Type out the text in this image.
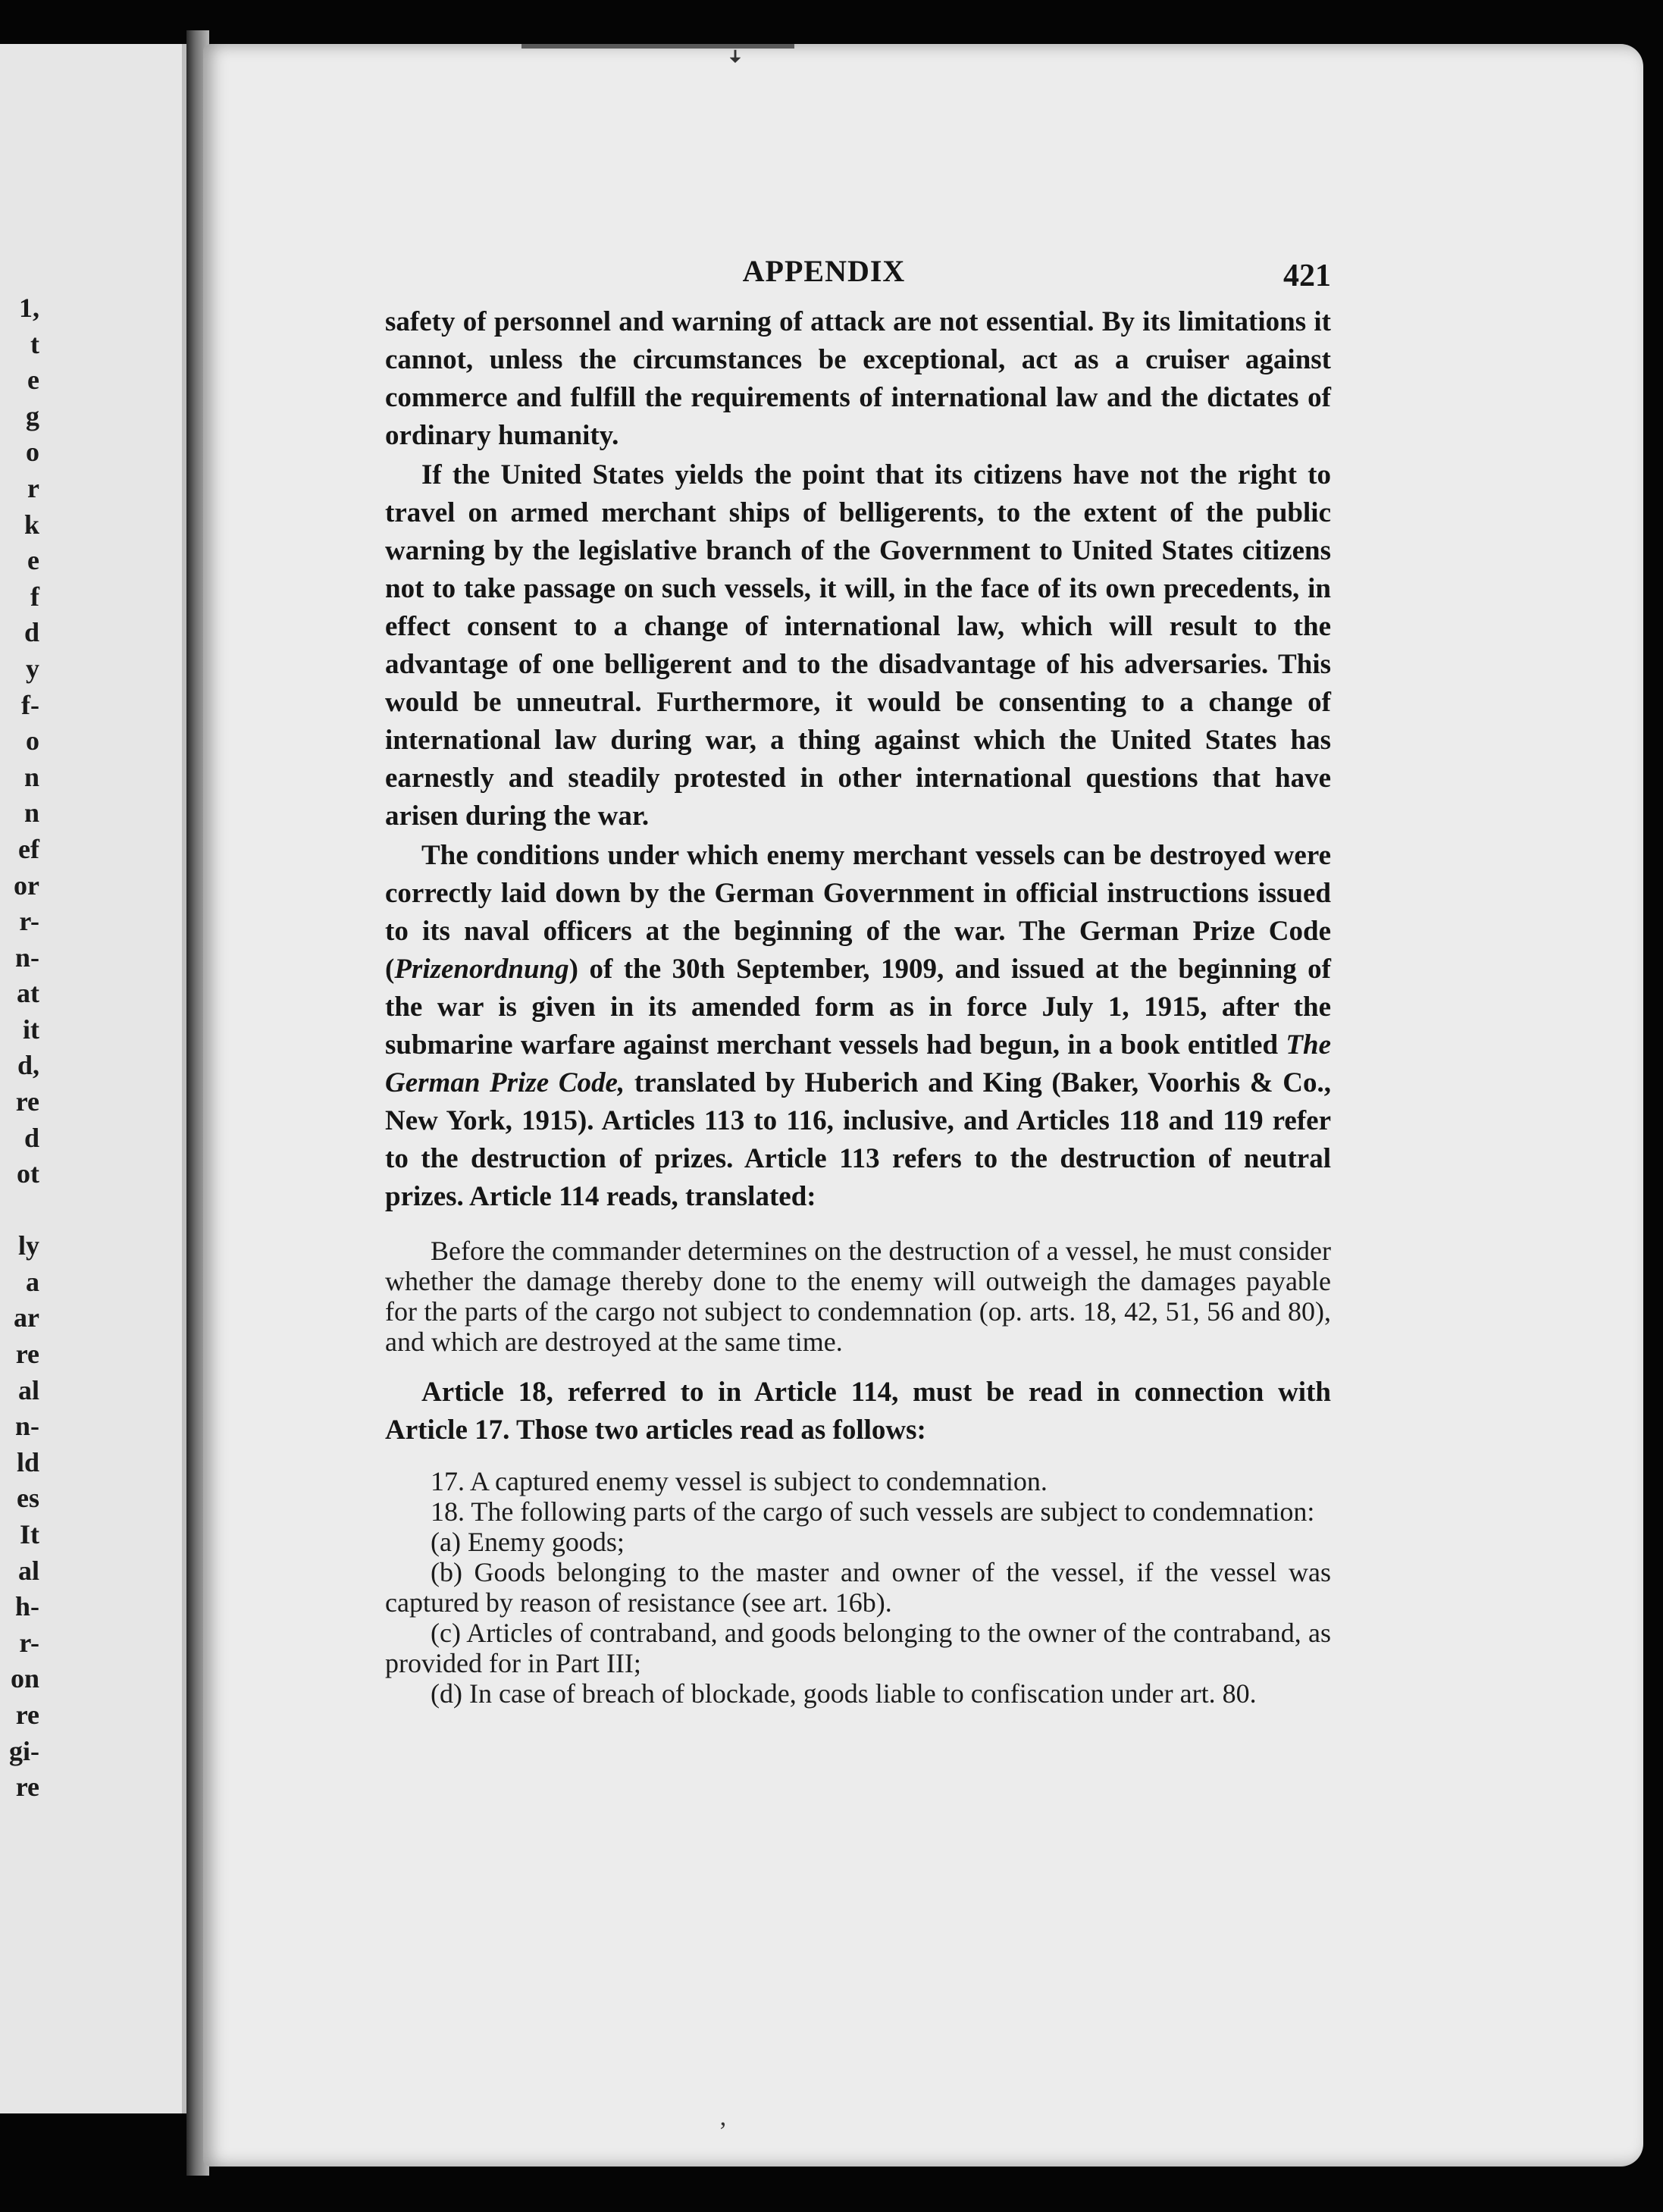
1,
t
e
g
o
r
k
e
f
d
y
f-
o
n
n
ef
or
r-
n-
at
it
d,
re
d
ot
ly
a
ar
re
al
n-
ld
es
It
al
h-
r-
on
re
gi-
re
ꜜ
APPENDIX	421

safety of personnel and warning of attack are not essential. By its limitations it cannot, unless the circumstances be exceptional, act as a cruiser against commerce and fulfill the requirements of international law and the dictates of ordinary humanity.

If the United States yields the point that its citizens have not the right to travel on armed merchant ships of belligerents, to the extent of the public warning by the legislative branch of the Government to United States citizens not to take passage on such vessels, it will, in the face of its own precedents, in effect consent to a change of international law, which will result to the advantage of one belligerent and to the disadvantage of his adversaries. This would be unneutral. Furthermore, it would be consenting to a change of international law during war, a thing against which the United States has earnestly and steadily protested in other international questions that have arisen during the war.

The conditions under which enemy merchant vessels can be destroyed were correctly laid down by the German Government in official instructions issued to its naval officers at the beginning of the war. The German Prize Code (Prizenordnung) of the 30th September, 1909, and issued at the beginning of the war is given in its amended form as in force July 1, 1915, after the submarine warfare against merchant vessels had begun, in a book entitled The German Prize Code, translated by Huberich and King (Baker, Voorhis & Co., New York, 1915). Articles 113 to 116, inclusive, and Articles 118 and 119 refer to the destruction of prizes. Article 113 refers to the destruction of neutral prizes. Article 114 reads, translated:

Before the commander determines on the destruction of a vessel, he must consider whether the damage thereby done to the enemy will outweigh the damages payable for the parts of the cargo not subject to condemnation (op. arts. 18, 42, 51, 56 and 80), and which are destroyed at the same time.

Article 18, referred to in Article 114, must be read in connection with Article 17. Those two articles read as follows:

17. A captured enemy vessel is subject to condemnation.

18. The following parts of the cargo of such vessels are subject to condemnation:

(a) Enemy goods;

(b) Goods belonging to the master and owner of the vessel, if the vessel was captured by reason of resistance (see art. 16b).

(c) Articles of contraband, and goods belonging to the owner of the contraband, as provided for in Part III;

(d) In case of breach of blockade, goods liable to confiscation under art. 80.

’
